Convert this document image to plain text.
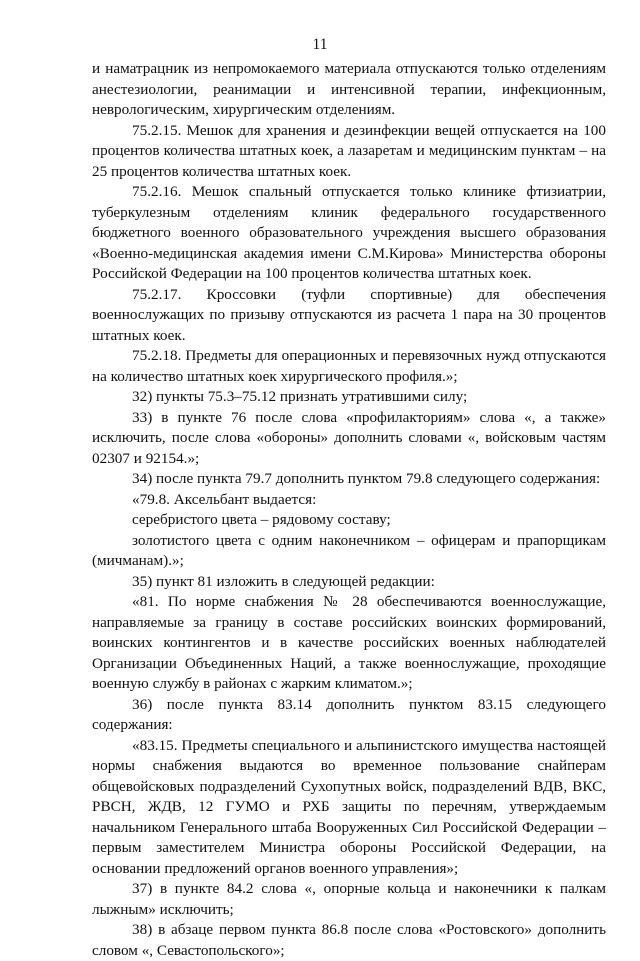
11

и наматрацник из непромокаемого материала отпускаются только отделениям анестезиологии, реанимации и интенсивной терапии, инфекционным, неврологическим, хирургическим отделениям.

75.2.15. Мешок для хранения и дезинфекции вещей отпускается на 100 процентов количества штатных коек, а лазаретам и медицинским пунктам – на 25 процентов количества штатных коек.

75.2.16. Мешок спальный отпускается только клинике фтизиатрии, туберкулезным отделениям клиник федерального государственного бюджетного военного образовательного учреждения высшего образования «Военно-медицинская академия имени С.М.Кирова» Министерства обороны Российской Федерации на 100 процентов количества штатных коек.

75.2.17. Кроссовки (туфли спортивные) для обеспечения военнослужащих по призыву отпускаются из расчета 1 пара на 30 процентов штатных коек.

75.2.18. Предметы для операционных и перевязочных нужд отпускаются на количество штатных коек хирургического профиля.»;

32) пункты 75.3–75.12 признать утратившими силу;

33) в пункте 76 после слова «профилакториям» слова «, а также» исключить, после слова «обороны» дополнить словами «, войсковым частям 02307 и 92154.»;

34) после пункта 79.7 дополнить пунктом 79.8 следующего содержания:

«79.8. Аксельбант выдается:

серебристого цвета – рядовому составу;

золотистого цвета с одним наконечником – офицерам и прапорщикам (мичманам).»;

35) пункт 81 изложить в следующей редакции:

«81. По норме снабжения № 28 обеспечиваются военнослужащие, направляемые за границу в составе российских воинских формирований, воинских контингентов и в качестве российских военных наблюдателей Организации Объединенных Наций, а также военнослужащие, проходящие военную службу в районах с жарким климатом.»;

36) после пункта 83.14 дополнить пунктом 83.15 следующего содержания:

«83.15. Предметы специального и альпинистского имущества настоящей нормы снабжения выдаются во временное пользование снайперам общевойсковых подразделений Сухопутных войск, подразделений ВДВ, ВКС, РВСН, ЖДВ, 12 ГУМО и РХБ защиты по перечням, утверждаемым начальником Генерального штаба Вооруженных Сил Российской Федерации – первым заместителем Министра обороны Российской Федерации, на основании предложений органов военного управления»;

37) в пункте 84.2 слова «, опорные кольца и наконечники к палкам лыжным» исключить;

38) в абзаце первом пункта 86.8 после слова «Ростовского» дополнить словом «, Севастопольского»;
